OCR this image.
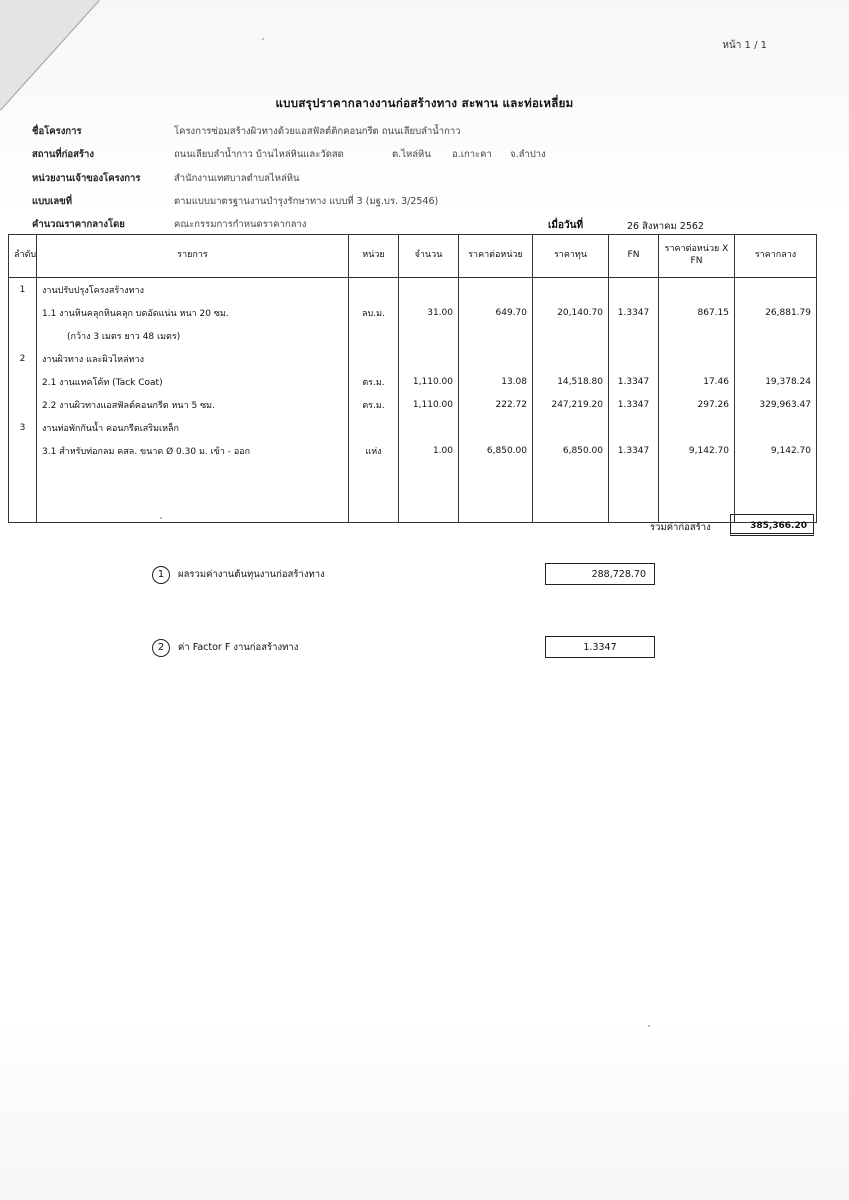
หน้า 1 / 1
แบบสรุปราคากลางงานก่อสร้างทาง สะพาน และท่อเหลี่ยม
ชื่อโครงการ	โครงการซ่อมสร้างผิวทางด้วยแอสฟัลต์ติกคอนกรีต ถนนเลียบลำน้ำกาว
สถานที่ก่อสร้าง	ถนนเลียบลำน้ำกาว บ้านไหล่หินและวัดสด	ต.ไหล่หิน อ.เกาะคา จ.ลำปาง
หน่วยงานเจ้าของโครงการ	สำนักงานเทศบาลตำบลไหล่หิน
แบบเลขที่	ตามแบบมาตรฐานงานบำรุงรักษาทาง แบบที่ 3 (มฐ.บร. 3/2546)
คำนวณราคากลางโดย	คณะกรรมการกำหนดราคากลาง	เมื่อวันที่	26 สิงหาคม 2562
ลำดับ	รายการ	หน่วย	จำนวน	ราคาต่อหน่วย	ราคาทุน	FN	ราคาต่อหน่วย X FN	ราคากลาง
1	งานปรับปรุงโครงสร้างทาง							
	1.1 งานหินคลุกหินคลุก บดอัดแน่น หนา 20 ซม.	ลบ.ม.	31.00	649.70	20,140.70	1.3347	867.15	26,881.79
	(กว้าง 3 เมตร ยาว 48 เมตร)							
2	งานผิวทาง และผิวไหล่ทาง							
	2.1 งานแทคโค้ท (Tack Coat)	ตร.ม.	1,110.00	13.08	14,518.80	1.3347	17.46	19,378.24
	2.2 งานผิวทางแอสฟัลต์คอนกรีต หนา 5 ซม.	ตร.ม.	1,110.00	222.72	247,219.20	1.3347	297.26	329,963.47
3	งานท่อพักกันน้ำ คอนกรีตเสริมเหล็ก							
	3.1 สำหรับท่อกลม คสล. ขนาด Ø 0.30 ม. เข้า - ออก	แห่ง	1.00	6,850.00	6,850.00	1.3347	9,142.70	9,142.70

รวมค่าก่อสร้าง	385,366.20
1 ผลรวมค่างานต้นทุนงานก่อสร้างทาง	288,728.70
2 ค่า Factor F งานก่อสร้างทาง	1.3347
